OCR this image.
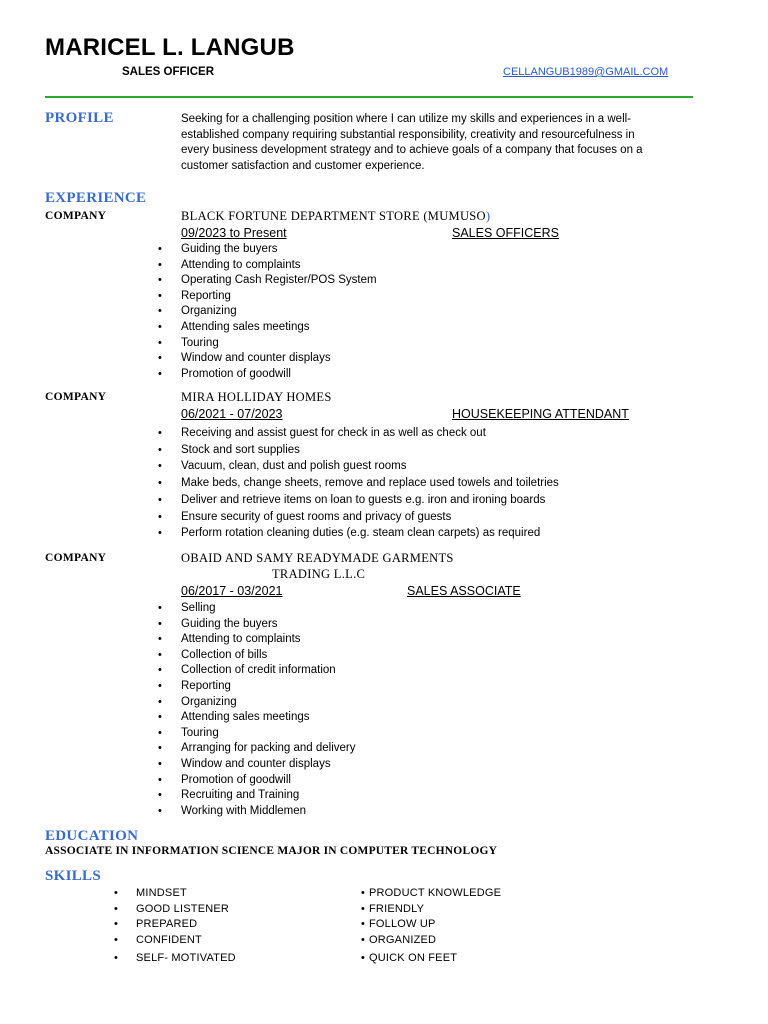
MARICEL L. LANGUB
SALES OFFICER	CELLANGUB1989@GMAIL.COM
PROFILE	Seeking for a challenging position where I can utilize my skills and experiences in a well-established company requiring substantial responsibility, creativity and resourcefulness in every business development strategy and to achieve goals of a company that focuses on a customer satisfaction and customer experience.
EXPERIENCE
COMPANY	BLACK FORTUNE DEPARTMENT STORE (MUMUSO)
09/2023 to Present	SALES OFFICERS
• Guiding the buyers
• Attending to complaints
• Operating Cash Register/POS System
• Reporting
• Organizing
• Attending sales meetings
• Touring
• Window and counter displays
• Promotion of goodwill
COMPANY	MIRA HOLLIDAY HOMES
06/2021 - 07/2023	HOUSEKEEPING ATTENDANT
• Receiving and assist guest for check in as well as check out
• Stock and sort supplies
• Vacuum, clean, dust and polish guest rooms
• Make beds, change sheets, remove and replace used towels and toiletries
• Deliver and retrieve items on loan to guests e.g. iron and ironing boards
• Ensure security of guest rooms and privacy of guests
• Perform rotation cleaning duties (e.g. steam clean carpets) as required
COMPANY	OBAID AND SAMY READYMADE GARMENTS
TRADING L.L.C
06/2017 - 03/2021	SALES ASSOCIATE
• Selling
• Guiding the buyers
• Attending to complaints
• Collection of bills
• Collection of credit information
• Reporting
• Organizing
• Attending sales meetings
• Touring
• Arranging for packing and delivery
• Window and counter displays
• Promotion of goodwill
• Recruiting and Training
• Working with Middlemen
EDUCATION
ASSOCIATE IN INFORMATION SCIENCE MAJOR IN COMPUTER TECHNOLOGY
SKILLS
• MINDSET
• GOOD LISTENER
• PREPARED
• CONFIDENT
• SELF- MOTIVATED
• PRODUCT KNOWLEDGE
• FRIENDLY
• FOLLOW UP
• ORGANIZED
• QUICK ON FEET
